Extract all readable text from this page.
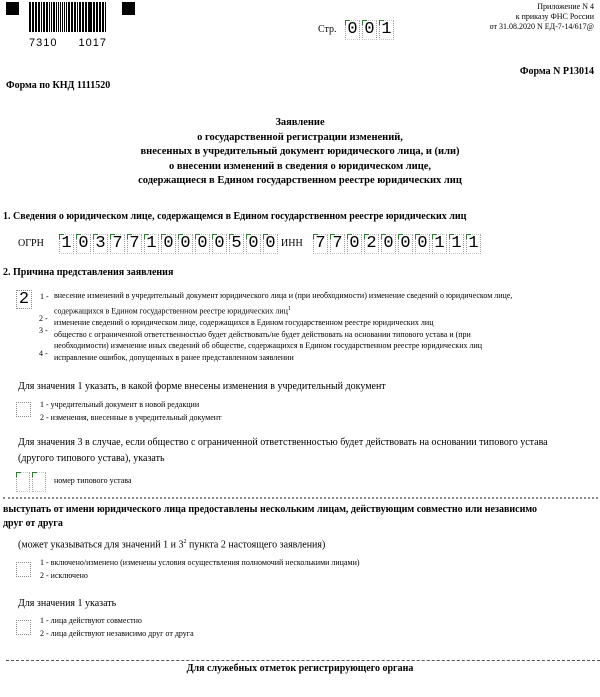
7310 1017
Стр. 0 0 1
Приложение N 4
к приказу ФНС России
от 31.08.2020 N ЕД-7-14/617@
Форма N Р13014
Форма по КНД 1111520
Заявление
о государственной регистрации изменений,
внесенных в учредительный документ юридического лица, и (или)
о внесении изменений в сведения о юридическом лице,
содержащиеся в Едином государственном реестре юридических лиц
1. Сведения о юридическом лице, содержащемся в Едином государственном реестре юридических лиц
ОГРН 1 0 3 7 7 1 0 0 0 0 5 0 0 ИНН 7 7 0 2 0 0 0 1 1 1
2. Причина представления заявления
2	1 - внесение изменений в учредительный документ юридического лица и (при необходимости) изменение сведений о юридическом лице,
содержащихся в Едином государственном реестре юридических лиц$^1$
2 - изменение сведений о юридическом лице, содержащихся в Едином государственном реестре юридических лиц
3 - общество с ограниченной ответственностью будет действовать/не будет действовать на основании типового устава и (при
необходимости) изменение иных сведений об обществе, содержащихся в Едином государственном реестре юридических лиц
4 - исправление ошибок, допущенных в ранее представленном заявлении
Для значения 1 указать, в какой форме внесены изменения в учредительный документ
1 - учредительный документ в новой редакции
2 - изменения, внесенные в учредительный документ
Для значения 3 в случае, если общество с ограниченной ответственностью будет действовать на основании типового устава
(другого типового устава), указать
номер типового устава
выступать от имени юридического лица предоставлены нескольким лицам, действующим совместно или независимо
друг от друга
(может указываться для значений 1 и $3^2$ пункта 2 настоящего заявления)
1 - включено/изменено (изменены условия осуществления полномочий несколькими лицами)
2 - исключено
Для значения 1 указать
1 - лица действуют совместно
2 - лица действуют независимо друг от друга
Для служебных отметок регистрирующего органа
